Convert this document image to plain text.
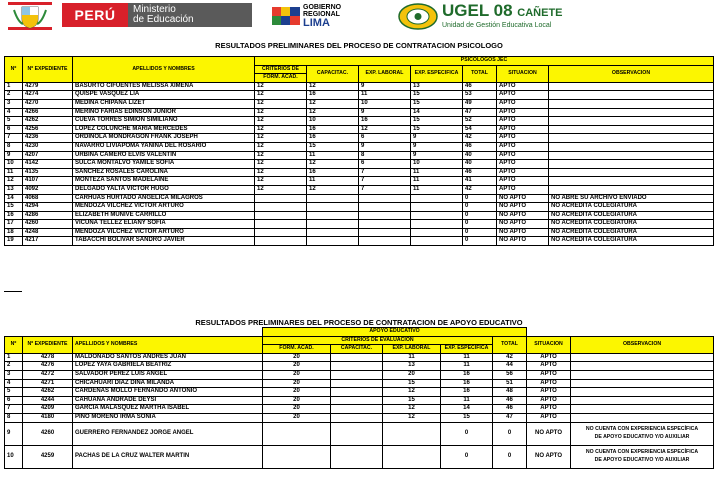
PERÚ	Ministerio
de Educación
GOBIERNO
REGIONAL
LIMA
UGEL 08 CAÑETE
Unidad de Gestión Educativa Local
RESULTADOS PRELIMINARES DEL PROCESO DE CONTRATACION PSICOLOGO
Nº	Nº EXPEDIENTE	APELLIDOS Y NOMBRES	PSICOLOGOS JEC						
			CRITERIOS DE	CAPACITAC.	EXP. LABORAL	EXP. ESPECIFICA	TOTAL	SITUACION	OBSERVACION
			FORM. ACAD.						
1	4279	BASURTO CIFUENTES MELISSA XIMENA	12	12	9	13	46	APTO	
2	4274	QUISPE VASQUEZ LIA	12	16	11	15	53	APTO	
3	4270	MEDINA CHIPANA LIZET	12	12	10	15	49	APTO	
4	4266	MERINO FARIAS EDINSON JUNIOR	12	12	9	14	47	APTO	
5	4262	CUEVA TORRES SIMION SIMILIANO	12	10	16	15	52	APTO	
6	4256	LOPEZ COLUNCHE MARIA MERCEDES	12	16	12	15	54	APTO	
7	4236	ORDINOLA MONDRAGON FRANK JOSEPH	12	16	6	9	42	APTO	
8	4230	NAVARRO LIVIAPOMA YANINA DEL ROSARIO	12	15	9	9	46	APTO	
9	4207	URBINA CAMERO ELVIS VALENTIN	12	11	8	9	40	APTO	
10	4142	SULCA MONTALVO YAMILE SOFIA	12	12	6	10	40	APTO	
11	4135	SANCHEZ ROSALES CAROLINA	12	16	7	11	46	APTO	
12	4107	MONTEZA SANTOS MADELAINE	12	11	7	11	41	APTO	
13	4092	DELGADO YALTA VICTOR HUGO	12	12	7	11	42	APTO	
14	4068	CARHUAS HURTADO ANGELICA MILAGROS					0	NO APTO	NO ABRE SU ARCHIVO ENVIADO
15	4294	MENDOZA VILCHEZ VICTOR ARTURO					0	NO APTO	NO ACREDITA COLEGIATURA
16	4286	ELIZABETH MUNIVE CARRILLO					0	NO APTO	NO ACREDITA COLEGIATURA
17	4260	VICUÑA TELLEZ ELIANY SOFIA					0	NO APTO	NO ACREDITA COLEGIATURA
18	4248	MENDOZA VILCHEZ VICTOR ARTURO					0	NO APTO	NO ACREDITA COLEGIATURA
19	4217	TABACCHI BOLIVAR SANDRO JAVIER					0	NO APTO	NO ACREDITA COLEGIATURA
RESULTADOS PRELIMINARES DEL PROCESO DE CONTRATACION DE APOYO EDUCATIVO
			APOYO EDUCATIVO						
Nº	Nº EXPEDIENTE	APELLIDOS Y NOMBRES	CRITERIOS DE EVALUACIÓN				TOTAL	SITUACION	OBSERVACION
			FORM. ACAD.	CAPACITAC.	EXP. LABORAL	EXP. ESPECIFICA			
1	4278	MALDONADO SANTOS ANDRES JUAN	20		11	11	42	APTO	

2	4276	LOPEZ YAYA GABRIELA BEATRIZ	20		13	11	44	APTO	

3	4272	SALVADOR PEREZ LUIS ANGEL	20		20	16	56	APTO	

4	4271	CHICAHUARI DIAZ DINA MILANDA	20		15	16	51	APTO	

5	4262	CARDENAS MOLLO FERNANDO ANTONIO	20		12	16	48	APTO	

6	4244	CAHUANA ANDRADE DEYSI	20		15	11	46	APTO	

7	4209	GARCIA MALASQUEZ MARTHA ISABEL	20		12	14	46	APTO	

8	4180	PINO MORENO IRMA SONIA	20		12	15	47	APTO	

9	4260	GUERRERO FERNANDEZ JORGE ANGEL				0	0	NO APTO	NO CUENTA CON EXPERIENCIA ESPECÍFICA
DE APOYO EDUCATIVO Y/O AUXILIAR

10	4259	PACHAS DE LA CRUZ WALTER MARTIN				0	0	NO APTO	NO CUENTA CON EXPERIENCIA ESPECÍFICA
DE APOYO EDUCATIVO Y/O AUXILIAR
